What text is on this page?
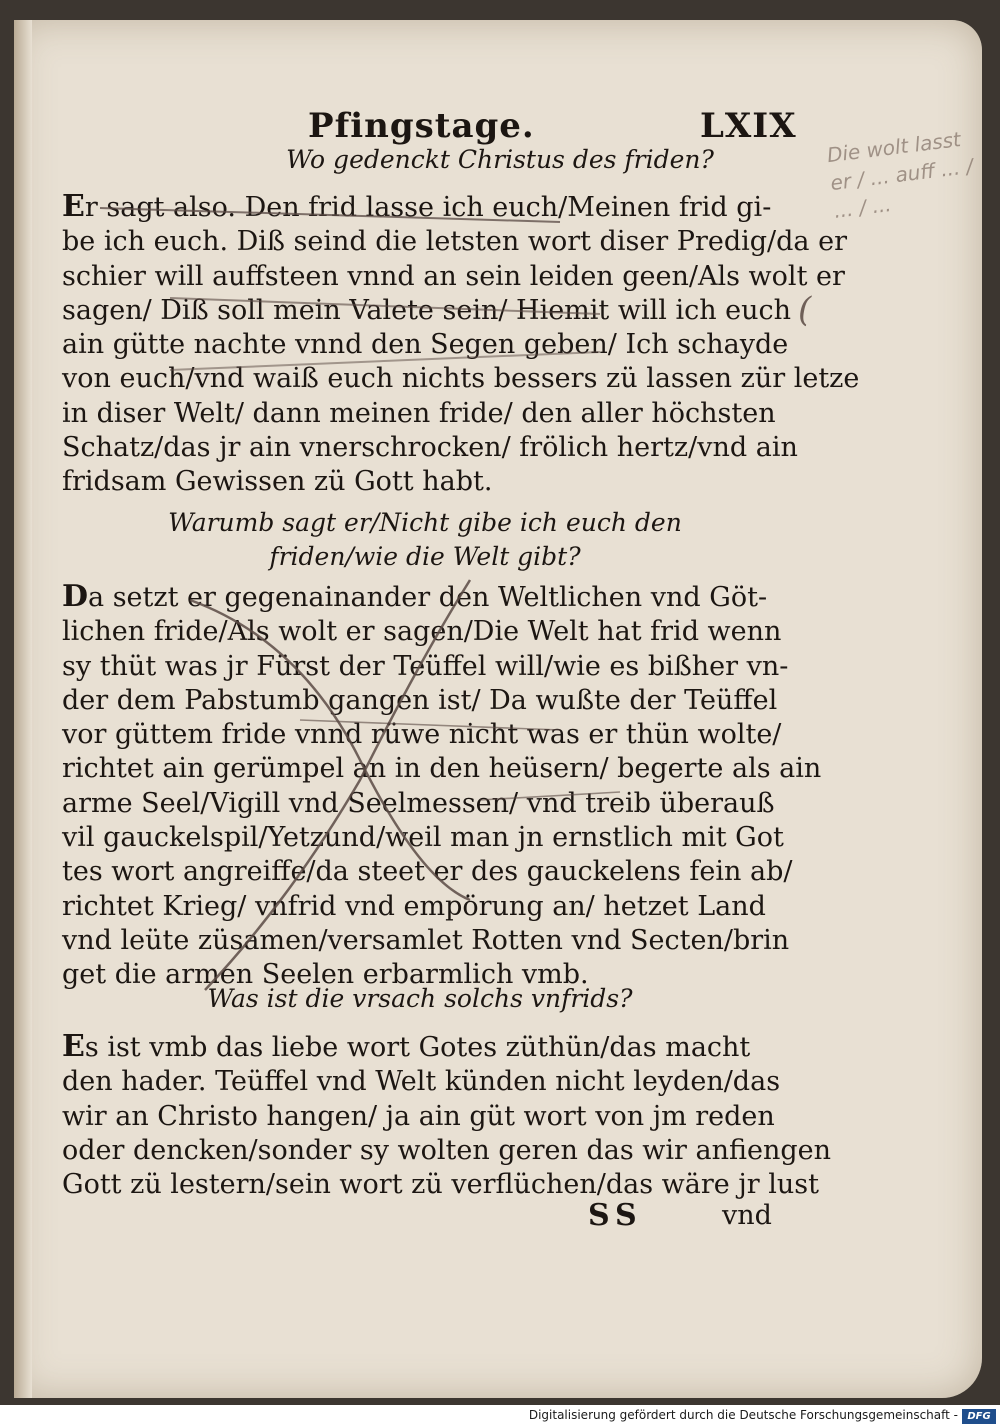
Pfingstage.	LXIX
Die wolt lasst er / ... auff ... / ... / ...
(
Wo gedenckt Christus des friden?
Er sagt also. Den frid lasse ich euch/Meinen frid gi-
be ich euch. Diß seind die letsten wort diser Predig/da er
schier will auffsteen vnnd an sein leiden geen/Als wolt er
sagen/ Diß soll mein Valete sein/ Hiemit will ich euch
ain gütte nachte vnnd den Segen geben/ Ich schayde
von euch/vnd waiß euch nichts bessers zü lassen zür letze
in diser Welt/ dann meinen fride/ den aller höchsten
Schatz/das jr ain vnerschrocken/ frölich hertz/vnd ain
fridsam Gewissen zü Gott habt.
Warumb sagt er/Nicht gibe ich euch den
friden/wie die Welt gibt?
Da setzt er gegenainander den Weltlichen vnd Göt-
lichen fride/Als wolt er sagen/Die Welt hat frid wenn
sy thüt was jr Fürst der Teüffel will/wie es bißher vn-
der dem Pabstumb gangen ist/ Da wußte der Teüffel
vor güttem fride vnnd rüwe nicht was er thün wolte/
richtet ain gerümpel an in den heüsern/ begerte als ain
arme Seel/Vigill vnd Seelmessen/ vnd treib überauß
vil gauckelspil/Yetzund/weil man jn ernstlich mit Got
tes wort angreiffe/da steet er des gauckelens fein ab/
richtet Krieg/ vnfrid vnd empörung an/ hetzet Land
vnd leüte züsamen/versamlet Rotten vnd Secten/brin
get die armen Seelen erbarmlich vmb.
Was ist die vrsach solchs vnfrids?
Es ist vmb das liebe wort Gotes züthün/das macht
den hader. Teüffel vnd Welt künden nicht leyden/das
wir an Christo hangen/ ja ain güt wort von jm reden
oder dencken/sonder sy wolten geren das wir anfiengen
Gott zü lestern/sein wort zü verflüchen/das wäre jr lust
SS	vnd
Digitalisierung gefördert durch die Deutsche Forschungsgemeinschaft - DFG
